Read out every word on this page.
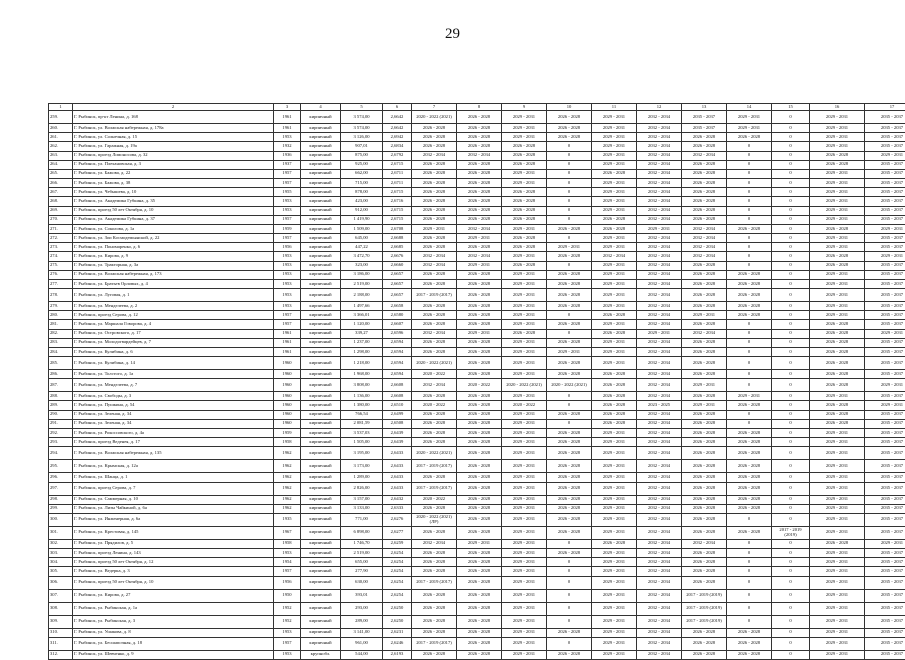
29
1	2	3	4	5	6	7	8	9	10	11	12	13	14	15	16	17
259.	Г. Рыбинск, пр-кт Ленина, д. 168	1961	кирпичный	3 574,00	2,6642	2020 - 2022 (2021)	2026 - 2028	2029 - 2031	2026 - 2028	2029 - 2031	2032 - 2034	2035 - 2037	2029 - 2031	0	2029 - 2031	2035 - 2037
260.	Г. Рыбинск, ул. Волжская набережная, д. 178а	1961	кирпичный	3 574,00	2,6642	2026 - 2028	2026 - 2028	2029 - 2031	2026 - 2028	2029 - 2031	2032 - 2034	2035 - 2037	2029 - 2031	0	2029 - 2031	2035 - 2037
261.	Г. Рыбинск, ул. Солнечная, д. 15	1953	кирпичный	3 126,00	2,6942	2026 - 2028	2026 - 2028	2029 - 2031	2026 - 2028	2029 - 2031	2032 - 2034	2026 - 2028	2026 - 2028	0	2029 - 2031	2035 - 2037
262.	Г. Рыбинск, ул. Гаражная, д. 19а	1932	кирпичный	907,01	2,6834	2026 - 2028	2026 - 2028	2026 - 2028	0	2029 - 2031	2032 - 2034	2026 - 2028	0	0	2029 - 2031	2035 - 2037
263.	Г. Рыбинск, проезд Ломоносова, д. 32	1936	кирпичный	875,00	2,6792	2032 - 2034	2032 - 2034	2026 - 2028	0	2029 - 2031	2032 - 2034	2032 - 2034	0	0	2026 - 2028	2029 - 2031
264.	Г. Рыбинск, ул. Плехановская, д. 3	1937	кирпичный	925,00	2,6715	2026 - 2028	2026 - 2028	2026 - 2028	0	2029 - 2031	2032 - 2034	2026 - 2028	0	0	2026 - 2028	2035 - 2037
265.	Г. Рыбинск, ул. Бажова, д. 22	1957	кирпичный	662,00	2,6711	2026 - 2028	2026 - 2028	2029 - 2031	0	2026 - 2028	2032 - 2034	2026 - 2028	0	0	2029 - 2031	2035 - 2037
266.	Г. Рыбинск, ул. Бажова, д. 38	1957	кирпичный	715,00	2,6711	2026 - 2028	2026 - 2028	2029 - 2031	0	2029 - 2031	2032 - 2034	2026 - 2028	0	0	2029 - 2031	2035 - 2037
267.	Г. Рыбинск, ул. Чебышева, д. 10	1955	кирпичный	878,00	2,6715	2026 - 2028	2026 - 2028	2026 - 2028	0	2029 - 2031	2032 - 2034	2026 - 2028	0	0	2029 - 2031	2035 - 2037
268.	Г. Рыбинск, ул. Академика Губкина, д. 35	1953	кирпичный	423,00	2,6716	2026 - 2028	2026 - 2028	2026 - 2028	0	2029 - 2031	2032 - 2034	2026 - 2028	0	0	2029 - 2031	2035 - 2037
269.	Г. Рыбинск, проезд 50 лет Октября, д. 10	1953	кирпичный	912,00	2,6715	2026 - 2028	2026 - 2028	2026 - 2028	0	2029 - 2031	2032 - 2034	2026 - 2028	0	0	2029 - 2031	2035 - 2037
270.	Г. Рыбинск, ул. Академика Губкина, д. 37	1957	кирпичный	1 419,90	2,6715	2026 - 2028	2026 - 2028	2026 - 2028	0	2026 - 2028	2032 - 2034	2026 - 2028	0	0	2029 - 2031	2035 - 2037
271.	Г. Рыбинск, ул. Соколова, д. 1а	1959	кирпичный	1 509,00	2,6708	2029 - 2031	2032 - 2034	2029 - 2031	2026 - 2028	2026 - 2028	2029 - 2031	2032 - 2034	2026 - 2028	0	2026 - 2028	2029 - 2031
272.	Г. Рыбинск, ул. Зои Космодемьянской, д. 22	1957	кирпичный	645,00	2,6688	2026 - 2028	2029 - 2031	2026 - 2028	0	2029 - 2031	2032 - 2034	2032 - 2034	0	0	2029 - 2031	2035 - 2037
273.	Г. Рыбинск, ул. Пономаренко, д. 6	1956	кирпичный	447,22	2,6685	2026 - 2028	2026 - 2028	2026 - 2028	2029 - 2031	2029 - 2031	2032 - 2034	2032 - 2034	0	0	2029 - 2031	2035 - 2037
274.	Г. Рыбинск, ул. Кирова, д. 9	1953	кирпичный	3 472,70	2,6676	2032 - 2034	2032 - 2034	2029 - 2031	2026 - 2028	2032 - 2034	2032 - 2034	2032 - 2034	0	0	2026 - 2028	2029 - 2031
275.	Г. Рыбинск, ул. Тракторная, д. 3а	1953	кирпичный	323,00	2,6660	2032 - 2034	2029 - 2031	2026 - 2028	0	2029 - 2031	2032 - 2034	2026 - 2028	0	0	2026 - 2028	2035 - 2037
276.	Г. Рыбинск, ул. Волжская набережная, д. 173	1953	кирпичный	3 186,00	2,6657	2026 - 2028	2026 - 2028	2029 - 2031	2026 - 2028	2029 - 2031	2032 - 2034	2026 - 2028	2026 - 2028	0	2029 - 2031	2035 - 2037
277.	Г. Рыбинск, ул. Братьев Орловых, д. 4	1953	кирпичный	2 519,00	2,6657	2026 - 2028	2026 - 2028	2029 - 2031	2026 - 2028	2029 - 2031	2032 - 2034	2026 - 2028	2026 - 2028	0	2029 - 2031	2035 - 2037
278.	Г. Рыбинск, ул. Луговая, д. 1	1953	кирпичный	2 188,00	2,6657	2017 - 2019 (2017)	2026 - 2028	2029 - 2031	2026 - 2028	2029 - 2031	2032 - 2034	2026 - 2028	2026 - 2028	0	2029 - 2031	2035 - 2037
279.	Г. Рыбинск, ул. Менделеева, д. 2	1953	кирпичный	1 497,66	2,6658	2026 - 2028	2026 - 2028	2029 - 2031	2026 - 2028	2029 - 2031	2032 - 2034	2026 - 2028	2026 - 2028	0	2029 - 2031	2035 - 2037
280.	Г. Рыбинск, проезд Серова, д. 12	1957	кирпичный	3 366,01	2,6580	2026 - 2028	2026 - 2028	2029 - 2031	0	2026 - 2028	2032 - 2034	2029 - 2031	2026 - 2028	0	2029 - 2031	2035 - 2037
281.	Г. Рыбинск, ул. Маршала Говорова, д. 4	1957	кирпичный	1 120,00	2,6607	2026 - 2028	2026 - 2028	2029 - 2031	2026 - 2028	2029 - 2031	2032 - 2034	2026 - 2028	0	0	2026 - 2028	2035 - 2037
282.	Г. Рыбинск, ул. Островского, д. 17	1961	кирпичный	339,27	2,6596	2032 - 2034	2029 - 2031	2026 - 2028	0	2026 - 2028	2029 - 2031	2032 - 2034	0	0	2026 - 2028	2029 - 2031
283.	Г. Рыбинск, ул. Молодогвардейцев, д. 7	1961	кирпичный	1 237,00	2,6594	2026 - 2028	2026 - 2028	2029 - 2031	2026 - 2028	2029 - 2031	2032 - 2034	2026 - 2028	0	0	2026 - 2028	2035 - 2037
284.	Г. Рыбинск, ул. Кулибина, д. 6	1961	кирпичный	1 298,00	2,6594	2026 - 2028	2026 - 2028	2029 - 2031	2029 - 2031	2029 - 2031	2032 - 2034	2026 - 2028	0	0	2026 - 2028	2035 - 2037
285.	Г. Рыбинск, ул. Кулибина, д. 14	1960	кирпичный	1 218,00	2,6594	2020 - 2022 (2021)	2026 - 2028	2029 - 2031	2026 - 2028	2029 - 2031	2032 - 2034	2026 - 2028	0	0	2026 - 2028	2035 - 2037
286.	Г. Рыбинск, ул. Толстого, д. 1а	1960	кирпичный	1 968,00	2,6594	2020 - 2022	2026 - 2028	2029 - 2031	2026 - 2028	2026 - 2028	2032 - 2034	2026 - 2028	0	0	2026 - 2028	2035 - 2037
287.	Г. Рыбинск, ул. Менделеева, д. 7	1960	кирпичный	3 808,00	2,6608	2032 - 2034	2020 - 2022	2020 - 2022 (2021)	2020 - 2022 (2021)	2026 - 2028	2032 - 2034	2029 - 2031	0	0	2026 - 2028	2029 - 2031
288.	Г. Рыбинск, ул. Свободы, д. 3	1960	кирпичный	1 136,00	2,6608	2026 - 2028	2026 - 2028	2029 - 2031	0	2026 - 2028	2032 - 2034	2026 - 2028	2029 - 2031	0	2029 - 2031	2035 - 2037
289.	Г. Рыбинск, ул. Пушкина, д. 54	1960	кирпичный	1 380,00	2,6510	2020 - 2022	2026 - 2028	2020 - 2022	0	2026 - 2028	2023 - 2025	2029 - 2031	2026 - 2028	0	2026 - 2028	2029 - 2031
290.	Г. Рыбинск, ул. Зеленая, д. 34	1960	кирпичный	766,54	2,6499	2026 - 2028	2026 - 2028	2029 - 2031	2026 - 2028	2026 - 2028	2032 - 2034	2026 - 2028	0	0	2026 - 2028	2035 - 2037
291.	Г. Рыбинск, ул. Зеленая, д. 34	1960	кирпичный	2 081,59	2,6508	2026 - 2028	2026 - 2028	2029 - 2031	0	2026 - 2028	2032 - 2034	2026 - 2028	0	0	2026 - 2028	2035 - 2037
292.	Г. Рыбинск, ул. Рокоссовского, д. 4а	1959	кирпичный	3 537,03	2,6439	2026 - 2028	2026 - 2028	2029 - 2031	2026 - 2028	2029 - 2031	2032 - 2034	2026 - 2028	2026 - 2028	0	2029 - 2031	2035 - 2037
293.	Г. Рыбинск, проезд Веденея, д. 17	1958	кирпичный	1 505,00	2,6439	2026 - 2028	2026 - 2028	2029 - 2031	2026 - 2028	2029 - 2031	2032 - 2034	2026 - 2028	2026 - 2028	0	2029 - 2031	2035 - 2037
294.	Г. Рыбинск, ул. Волжская набережная, д. 135	1962	кирпичный	3 195,00	2,6433	2020 - 2022 (2021)	2026 - 2028	2029 - 2031	2026 - 2028	2029 - 2031	2032 - 2034	2026 - 2028	2026 - 2028	0	2029 - 2031	2035 - 2037
295.	Г. Рыбинск, ул. Крымская, д. 12а	1962	кирпичный	3 173,00	2,6433	2017 - 2019 (2017)	2026 - 2028	2029 - 2031	2026 - 2028	2029 - 2031	2032 - 2034	2026 - 2028	2026 - 2028	0	2029 - 2031	2035 - 2037
296.	Г. Рыбинск, ул. Шанца, д. 1	1962	кирпичный	1 289,00	2,6433	2026 - 2028	2026 - 2028	2029 - 2031	2026 - 2028	2029 - 2031	2032 - 2034	2026 - 2028	2026 - 2028	0	2029 - 2031	2035 - 2037
297.	Г. Рыбинск, проезд Серова, д. 7	1962	кирпичный	2 826,00	2,6433	2017 - 2019 (2017)	2026 - 2028	2029 - 2031	2026 - 2028	2029 - 2031	2032 - 2034	2026 - 2028	2026 - 2028	0	2029 - 2031	2035 - 2037
298.	Г. Рыбинск, ул. Саммерная, д. 10	1962	кирпичный	3 157,00	2,6432	2020 - 2022	2026 - 2028	2029 - 2031	2026 - 2028	2029 - 2031	2032 - 2034	2026 - 2028	2026 - 2028	0	2029 - 2031	2035 - 2037
299.	Г. Рыбинск, ул. Лизы Чайкиной, д. 6а	1962	кирпичный	3 133,00	2,6333	2026 - 2028	2026 - 2028	2029 - 2031	2026 - 2028	2029 - 2031	2032 - 2034	2026 - 2028	2026 - 2028	0	2029 - 2031	2035 - 2037
300.	Г. Рыбинск, ул. Инженерная, д. 6а	1935	кирпичный	771,00	2,6276	2020 - 2022 (2021) (ЛР)	2026 - 2028	2029 - 2031	2026 - 2028	2029 - 2031	2032 - 2034	2026 - 2028	0	0	2029 - 2031	2035 - 2037
301.	Г. Рыбинск, ул. Крестовая, д. 145	1967	кирпичный	6 898,00	2,6277	2026 - 2028	2026 - 2028	2029 - 2031	2026 - 2028	2029 - 2031	2032 - 2034	2026 - 2028	2026 - 2028	2017 - 2019 (2019)	2029 - 2031	2035 - 2037
302.	Г. Рыбинск, ул. Прядилов, д. 5	1958	кирпичный	1 746,70	2,6259	2032 - 2034	2029 - 2031	2029 - 2031	0	2026 - 2028	2032 - 2034	2032 - 2034	0	0	2026 - 2028	2029 - 2031
303.	Г. Рыбинск, проезд Ленина, д. 143	1953	кирпичный	2 519,00	2,6254	2026 - 2028	2026 - 2028	2029 - 2031	2026 - 2028	2029 - 2031	2032 - 2034	2026 - 2028	0	0	2029 - 2031	2035 - 2037
304.	Г. Рыбинск, проезд 50 лет Октября, д. 12	1954	кирпичный	655,00	2,6254	2026 - 2028	2026 - 2028	2029 - 2031	0	2029 - 2031	2032 - 2034	2026 - 2028	0	0	2029 - 2031	2035 - 2037
305.	Г. Рыбинск, ул. Ведерка, д. 3	1957	кирпичный	277,90	2,6254	2026 - 2028	2026 - 2028	2029 - 2031	0	2029 - 2031	2032 - 2034	2026 - 2028	0	0	2029 - 2031	2035 - 2037
306.	Г. Рыбинск, проезд 50 лет Октября, д. 10	1956	кирпичный	630,00	2,6254	2017 - 2019 (2017)	2026 - 2028	2029 - 2031	0	2029 - 2031	2032 - 2034	2026 - 2028	0	0	2029 - 2031	2035 - 2037
307.	Г. Рыбинск, ул. Кирова, д. 27	1950	кирпичный	393,01	2,6254	2026 - 2028	2026 - 2028	2029 - 2031	0	2029 - 2031	2032 - 2034	2017 - 2019 (2019)	0	0	2029 - 2031	2035 - 2037
308.	Г. Рыбинск, ул. Рыбинская, д. 1а	1952	кирпичный	293,00	2,6250	2026 - 2028	2026 - 2028	2029 - 2031	0	2029 - 2031	2032 - 2034	2017 - 2019 (2019)	0	0	2029 - 2031	2035 - 2037
309.	Г. Рыбинск, ул. Рыбинская, д. 3	1952	кирпичный	289,00	2,6250	2026 - 2028	2026 - 2028	2029 - 2031	0	2029 - 2031	2032 - 2034	2017 - 2019 (2019)	0	0	2029 - 2031	2035 - 2037
310.	Г. Рыбинск, ул. Ушакова, д. 8	1953	кирпичный	3 141,00	2,6231	2026 - 2028	2026 - 2028	2029 - 2031	2026 - 2028	2029 - 2031	2032 - 2034	2026 - 2028	2026 - 2028	0	2029 - 2031	2035 - 2037
311.	Г. Рыбинск, ул. Бесшапочная, д. 18	1957	кирпичный	961,00	2,6246	2017 - 2019 (2017)	2026 - 2028	2029 - 2031	0	2029 - 2031	2032 - 2034	2026 - 2028	2026 - 2028	0	2029 - 2031	2035 - 2037
312.	Г. Рыбинск, ул. Шевченко, д. 9	1953	крупнобл.	544,00	2,6193	2026 - 2028	2026 - 2028	2029 - 2031	2026 - 2028	2029 - 2031	2032 - 2034	2026 - 2028	2026 - 2028	0	2029 - 2031	2035 - 2037
